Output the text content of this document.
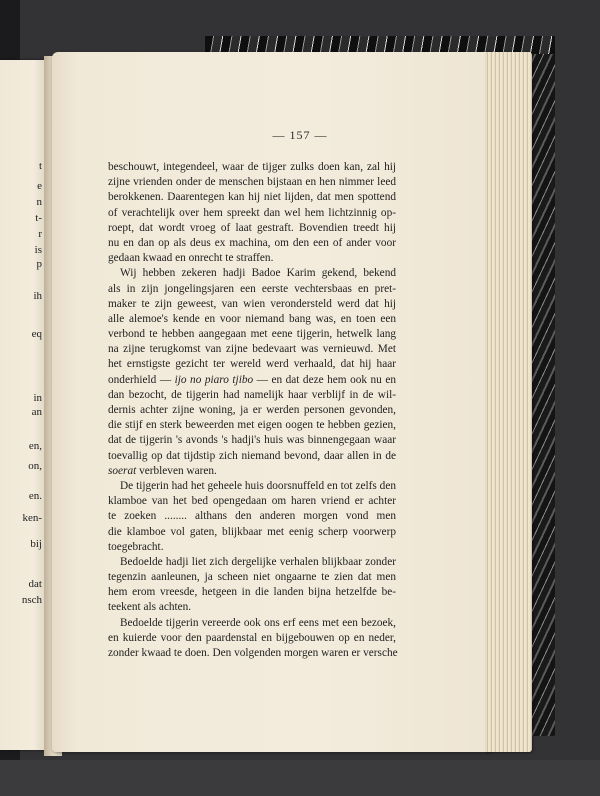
t
e
n
t-
r
is
p
ih
eq
in
an
en,
on,
en.
ken-
bij
dat
nsch
— 157 —
beschouwt, integendeel, waar de tijger zulks doen kan, zal hij
zijne vrienden onder de menschen bijstaan en hen nimmer leed
berokkenen. Daarentegen kan hij niet lijden, dat men spottend
of verachtelijk over hem spreekt dan wel hem lichtzinnig op-
roept, dat wordt vroeg of laat gestraft. Bovendien treedt hij
nu en dan op als deus ex machina, om den een of ander voor
gedaan kwaad en onrecht te straffen.
Wij hebben zekeren hadji Badoe Karim gekend, bekend
als in zijn jongelingsjaren een eerste vechtersbaas en pret-
maker te zijn geweest, van wien verondersteld werd dat hij
alle alemoe's kende en voor niemand bang was, en toen een
verbond te hebben aangegaan met eene tijgerin, hetwelk lang
na zijne terugkomst van zijne bedevaart was vernieuwd. Met
het ernstigste gezicht ter wereld werd verhaald, dat hij haar
onderhield — ijo no piaro tjibo — en dat deze hem ook nu en
dan bezocht, de tijgerin had namelijk haar verblijf in de wil-
dernis achter zijne woning, ja er werden personen gevonden,
die stijf en sterk beweerden met eigen oogen te hebben gezien,
dat de tijgerin 's avonds 's hadji's huis was binnengegaan waar
toevallig op dat tijdstip zich niemand bevond, daar allen in de
soerat verbleven waren.
De tijgerin had het geheele huis doorsnuffeld en tot zelfs den
klamboe van het bed opengedaan om haren vriend er achter
te zoeken ........ althans den anderen morgen vond men
die klamboe vol gaten, blijkbaar met eenig scherp voorwerp
toegebracht.
Bedoelde hadji liet zich dergelijke verhalen blijkbaar zonder
tegenzin aanleunen, ja scheen niet ongaarne te zien dat men
hem erom vreesde, hetgeen in die landen bijna hetzelfde be-
teekent als achten.
Bedoelde tijgerin vereerde ook ons erf eens met een bezoek,
en kuierde voor den paardenstal en bijgebouwen op en neder,
zonder kwaad te doen. Den volgenden morgen waren er versche
